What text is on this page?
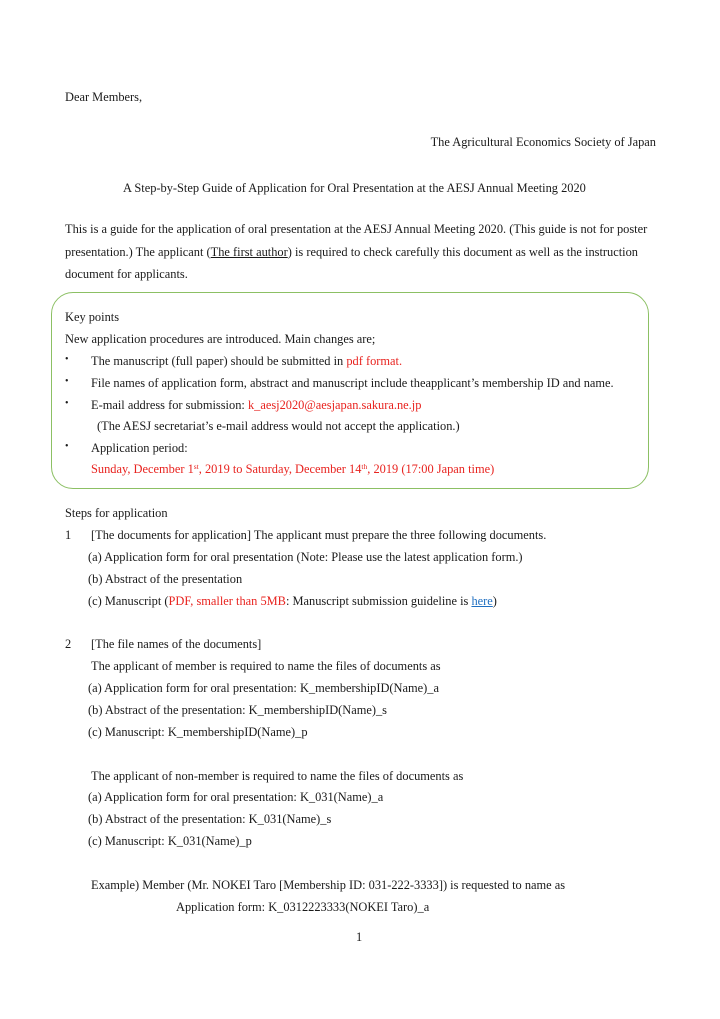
Dear Members,
The Agricultural Economics Society of Japan
A Step-by-Step Guide of Application for Oral Presentation at the AESJ Annual Meeting 2020
This is a guide for the application of oral presentation at the AESJ Annual Meeting 2020. (This guide is not for poster
presentation.) The applicant (The first author) is required to check carefully this document as well as the instruction
document for applicants.
Key points
New application procedures are introduced. Main changes are;
• The manuscript (full paper) should be submitted in pdf format.
• File names of application form, abstract and manuscript include theapplicant’s membership ID and name.
• E-mail address for submission: k_aesj2020@aesjapan.sakura.ne.jp
(The AESJ secretariat’s e-mail address would not accept the application.)
• Application period:
Sunday, December 1st, 2019 to Saturday, December 14th, 2019 (17:00 Japan time)
Steps for application
1 [The documents for application] The applicant must prepare the three following documents.
(a) Application form for oral presentation (Note: Please use the latest application form.)
(b) Abstract of the presentation
(c) Manuscript (PDF, smaller than 5MB: Manuscript submission guideline is here)
2 [The file names of the documents]
The applicant of member is required to name the files of documents as
(a) Application form for oral presentation: K_membershipID(Name)_a
(b) Abstract of the presentation: K_membershipID(Name)_s
(c) Manuscript: K_membershipID(Name)_p
The applicant of non-member is required to name the files of documents as
(a) Application form for oral presentation: K_031(Name)_a
(b) Abstract of the presentation: K_031(Name)_s
(c) Manuscript: K_031(Name)_p
Example) Member (Mr. NOKEI Taro [Membership ID: 031-222-3333]) is requested to name as
Application form: K_0312223333(NOKEI Taro)_a
1
